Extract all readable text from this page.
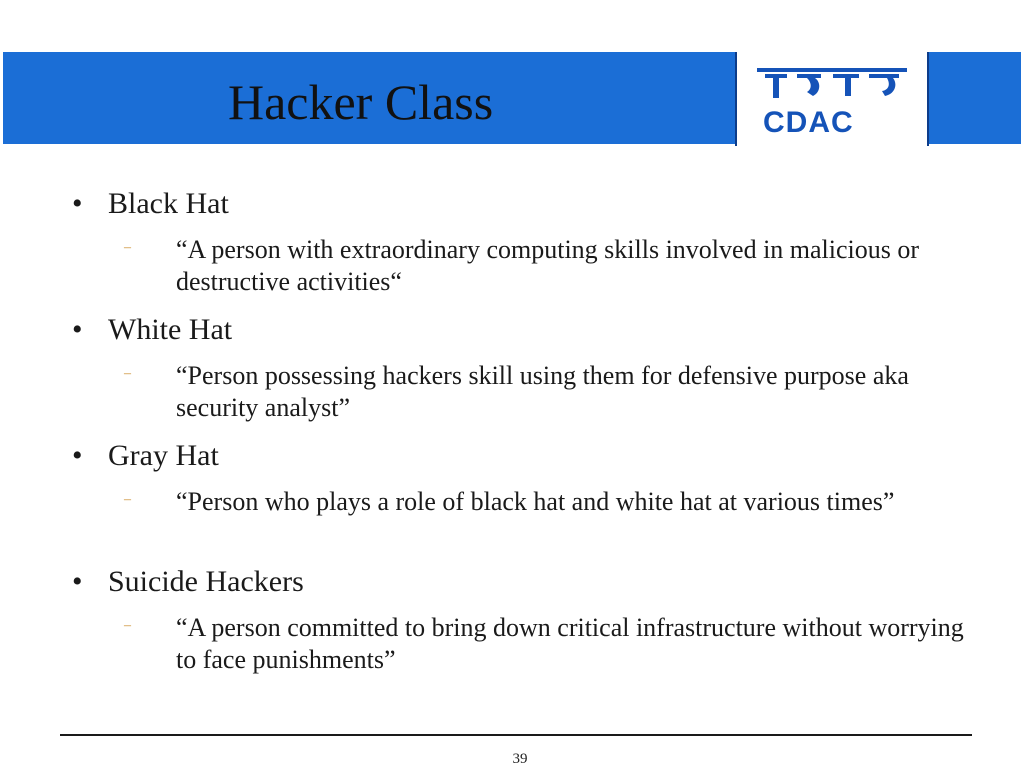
Hacker Class	CDAC
• Black Hat
– “A person with extraordinary computing skills involved in malicious or destructive activities“
• White Hat
– “Person possessing hackers skill using them for defensive purpose aka security analyst”
• Gray Hat
– “Person who plays a role of black hat and white hat at various times”
• Suicide Hackers
– “A person committed to bring down critical infrastructure without worrying to face punishments”
39
